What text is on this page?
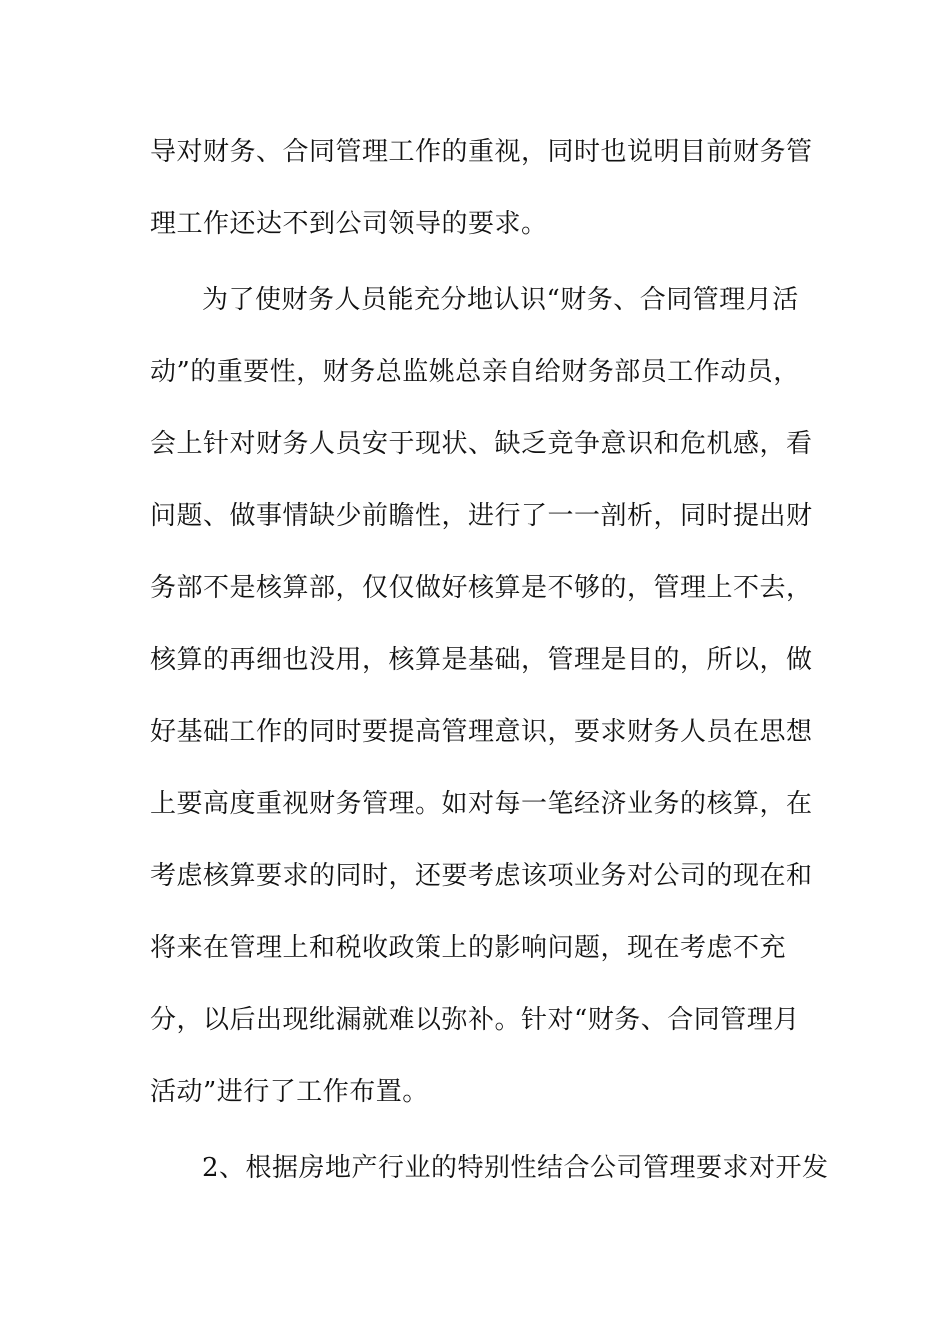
导对财务、合同管理工作的重视，同时也说明目前财务管
理工作还达不到公司领导的要求。
为了使财务人员能充分地认识“财务、合同管理月活
动”的重要性，财务总监姚总亲自给财务部员工作动员，
会上针对财务人员安于现状、缺乏竞争意识和危机感，看
问题、做事情缺少前瞻性，进行了一一剖析，同时提出财
务部不是核算部，仅仅做好核算是不够的，管理上不去，
核算的再细也没用，核算是基础，管理是目的，所以，做
好基础工作的同时要提高管理意识，要求财务人员在思想
上要高度重视财务管理。如对每一笔经济业务的核算，在
考虑核算要求的同时，还要考虑该项业务对公司的现在和
将来在管理上和税收政策上的影响问题，现在考虑不充
分，以后出现纰漏就难以弥补。针对“财务、合同管理月
活动”进行了工作布置。
2、根据房地产行业的特别性结合公司管理要求对开发
